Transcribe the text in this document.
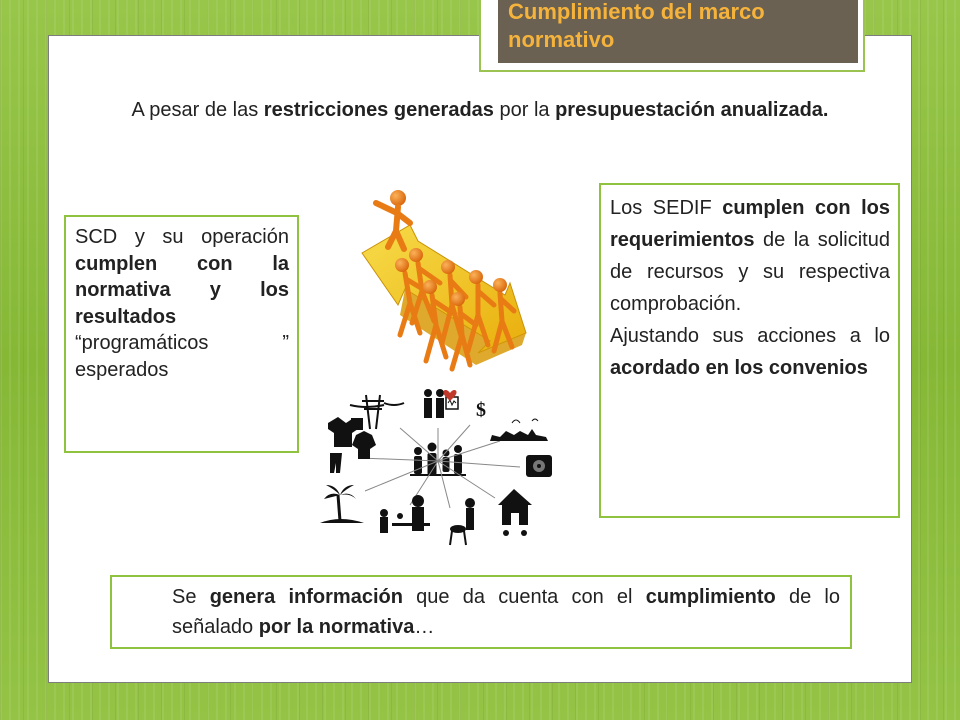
Cumplimiento del marco normativo
A pesar de las restricciones generadas por la presupuestación anualizada.

SCD y su operación cumplen con la normativa y los resultados “programáticos ” esperados

Los SEDIF cumplen con los requerimientos de la solicitud de recursos y su respectiva comprobación.

Ajustando sus acciones a lo acordado en los convenios

Se genera información que da cuenta con el cumplimiento de lo señalado por la normativa…

$
